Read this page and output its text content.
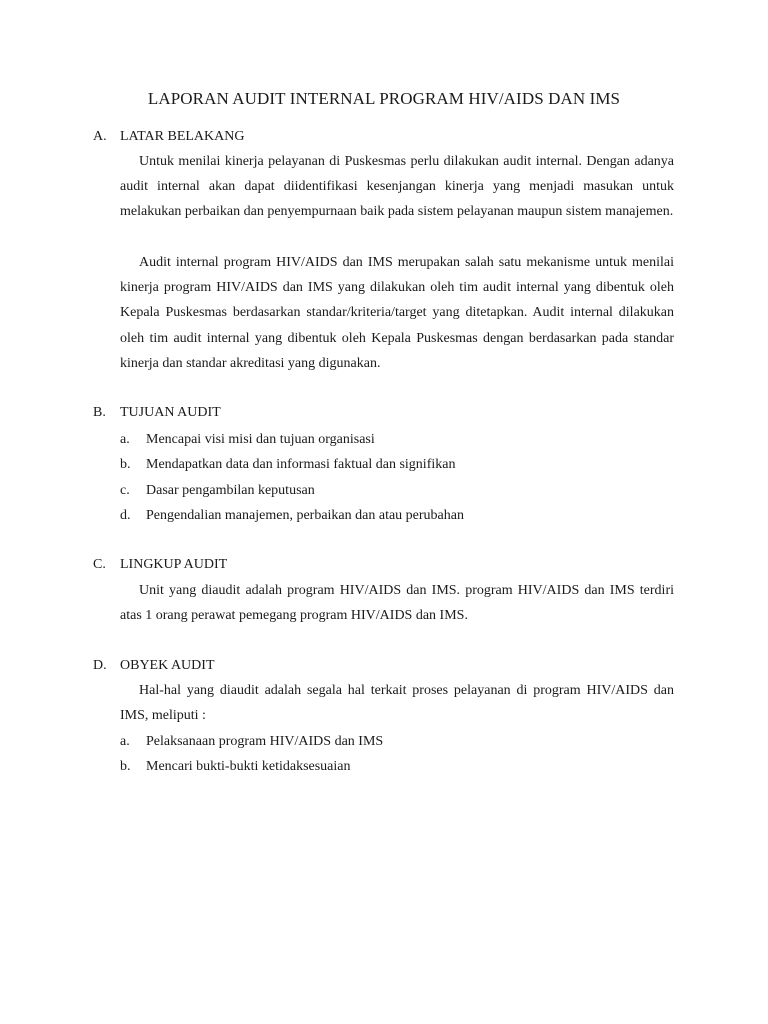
LAPORAN AUDIT INTERNAL PROGRAM HIV/AIDS DAN IMS
A. LATAR BELAKANG

Untuk menilai kinerja pelayanan di Puskesmas perlu dilakukan audit internal. Dengan adanya audit internal akan dapat diidentifikasi kesenjangan kinerja yang menjadi masukan untuk melakukan perbaikan dan penyempurnaan baik pada sistem pelayanan maupun sistem manajemen.

Audit internal program HIV/AIDS dan IMS merupakan salah satu mekanisme untuk menilai kinerja program HIV/AIDS dan IMS yang dilakukan oleh tim audit internal yang dibentuk oleh Kepala Puskesmas berdasarkan standar/kriteria/target yang ditetapkan. Audit internal dilakukan oleh tim audit internal yang dibentuk oleh Kepala Puskesmas dengan berdasarkan pada standar kinerja dan standar akreditasi yang digunakan.

B. TUJUAN AUDIT
a. Mencapai visi misi dan tujuan organisasi
b. Mendapatkan data dan informasi faktual dan signifikan
c. Dasar pengambilan keputusan
d. Pengendalian manajemen, perbaikan dan atau perubahan
C. LINGKUP AUDIT

Unit yang diaudit adalah program HIV/AIDS dan IMS. program HIV/AIDS dan IMS terdiri atas 1 orang perawat pemegang program HIV/AIDS dan IMS.

D. OBYEK AUDIT

Hal-hal yang diaudit adalah segala hal terkait proses pelayanan di program HIV/AIDS dan IMS, meliputi :

a. Pelaksanaan program HIV/AIDS dan IMS
b. Mencari bukti-bukti ketidaksesuaian
